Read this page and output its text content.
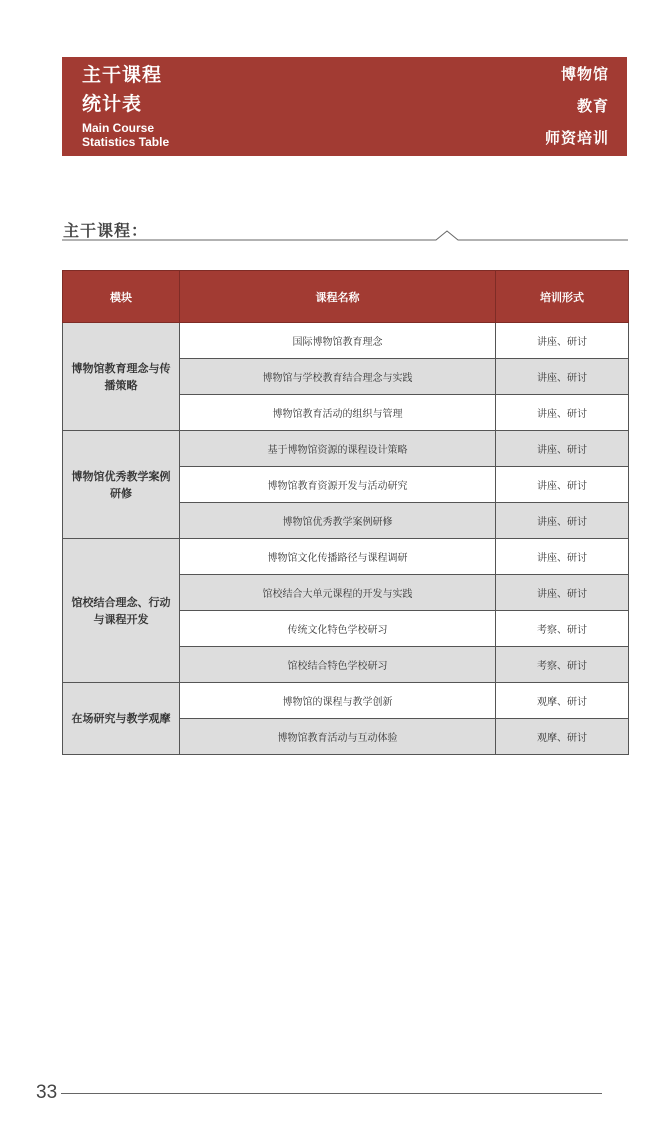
主干课程
统计表
Main Course
Statistics Table
博物馆
教育
师资培训
主干课程：
模块	课程名称	培训形式
博物馆教育理念与传播策略	国际博物馆教育理念	讲座、研讨
	博物馆与学校教育结合理念与实践	讲座、研讨
	博物馆教育活动的组织与管理	讲座、研讨
博物馆优秀教学案例研修	基于博物馆资源的课程设计策略	讲座、研讨
	博物馆教育资源开发与活动研究	讲座、研讨
	博物馆优秀教学案例研修	讲座、研讨
馆校结合理念、行动与课程开发	博物馆文化传播路径与课程调研	讲座、研讨
	馆校结合大单元课程的开发与实践	讲座、研讨
	传统文化特色学校研习	考察、研讨
	馆校结合特色学校研习	考察、研讨
在场研究与教学观摩	博物馆的课程与教学创新	观摩、研讨
	博物馆教育活动与互动体验	观摩、研讨
33
